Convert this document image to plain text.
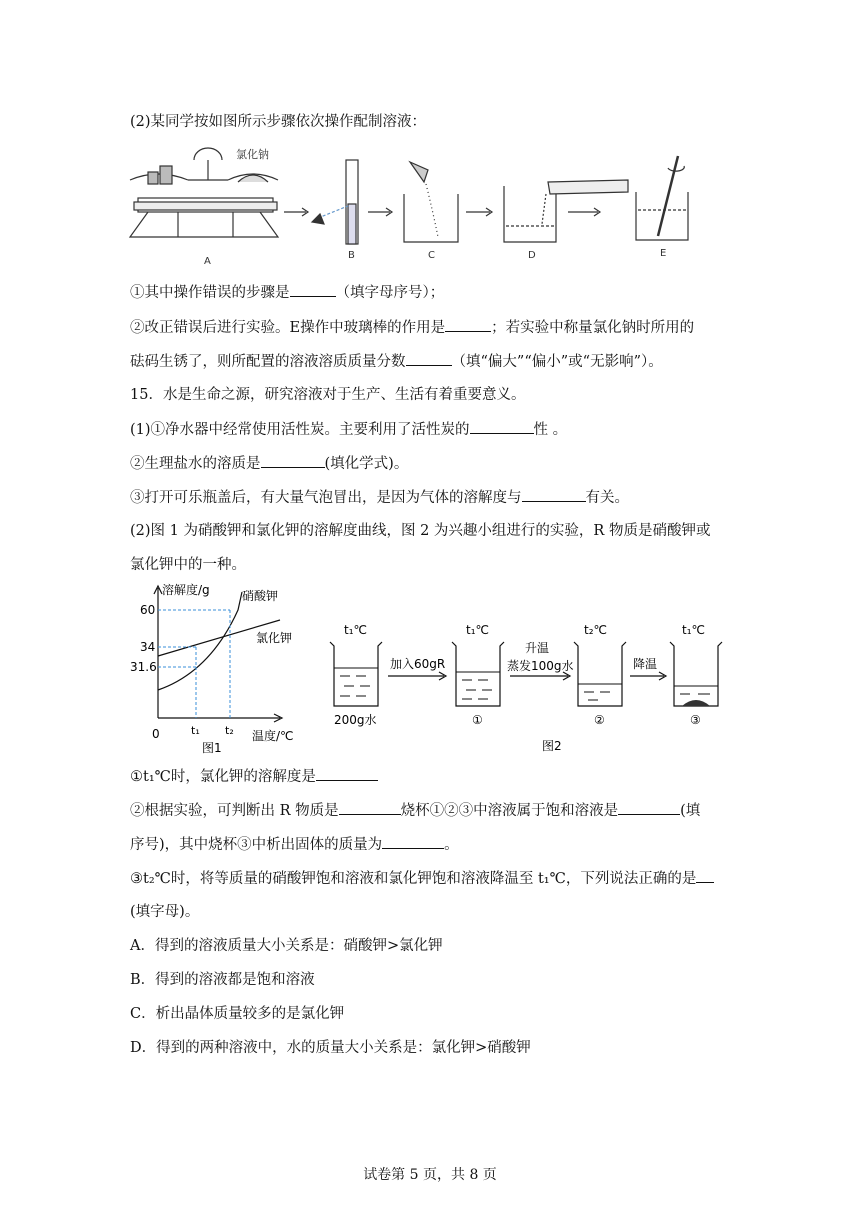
(2)某同学按如图所示步骤依次操作配制溶液：
氯化钠
A
B	C	D	E
①其中操作错误的步骤是	（填字母序号）；
②改正错误后进行实验。E操作中玻璃棒的作用是	；若实验中称量氯化钠时所用的
砝码生锈了，则所配置的溶液溶质质量分数	（填“偏大”“偏小”或“无影响”）。
15．水是生命之源，研究溶液对于生产、生活有着重要意义。
(1)①净水器中经常使用活性炭。主要利用了活性炭的	性 。
②生理盐水的溶质是	(填化学式)。
③打开可乐瓶盖后，有大量气泡冒出，是因为气体的溶解度与	有关。
(2)图 1 为硝酸钾和氯化钾的溶解度曲线，图 2 为兴趣小组进行的实验，R 物质是硝酸钾或
氯化钾中的一种。
溶解度/g
温度/℃
0
60
34
31.6
t₁ t₂
硝酸钾
氯化钾
图1
t₁℃	t₁℃	t₂℃	t₁℃
加入60gR
升温
蒸发100g水	降温
200g水	①	②	③
图2
①t₁℃时，氯化钾的溶解度是
②根据实验，可判断出 R 物质是	烧杯①②③中溶液属于饱和溶液是	(填
序号)，其中烧杯③中析出固体的质量为	。
③t₂℃时，将等质量的硝酸钾饱和溶液和氯化钾饱和溶液降温至 t₁℃，下列说法正确的是
(填字母)。
A．得到的溶液质量大小关系是：硝酸钾>氯化钾
B．得到的溶液都是饱和溶液
C．析出晶体质量较多的是氯化钾
D．得到的两种溶液中，水的质量大小关系是：氯化钾>硝酸钾
试卷第 5 页，共 8 页
